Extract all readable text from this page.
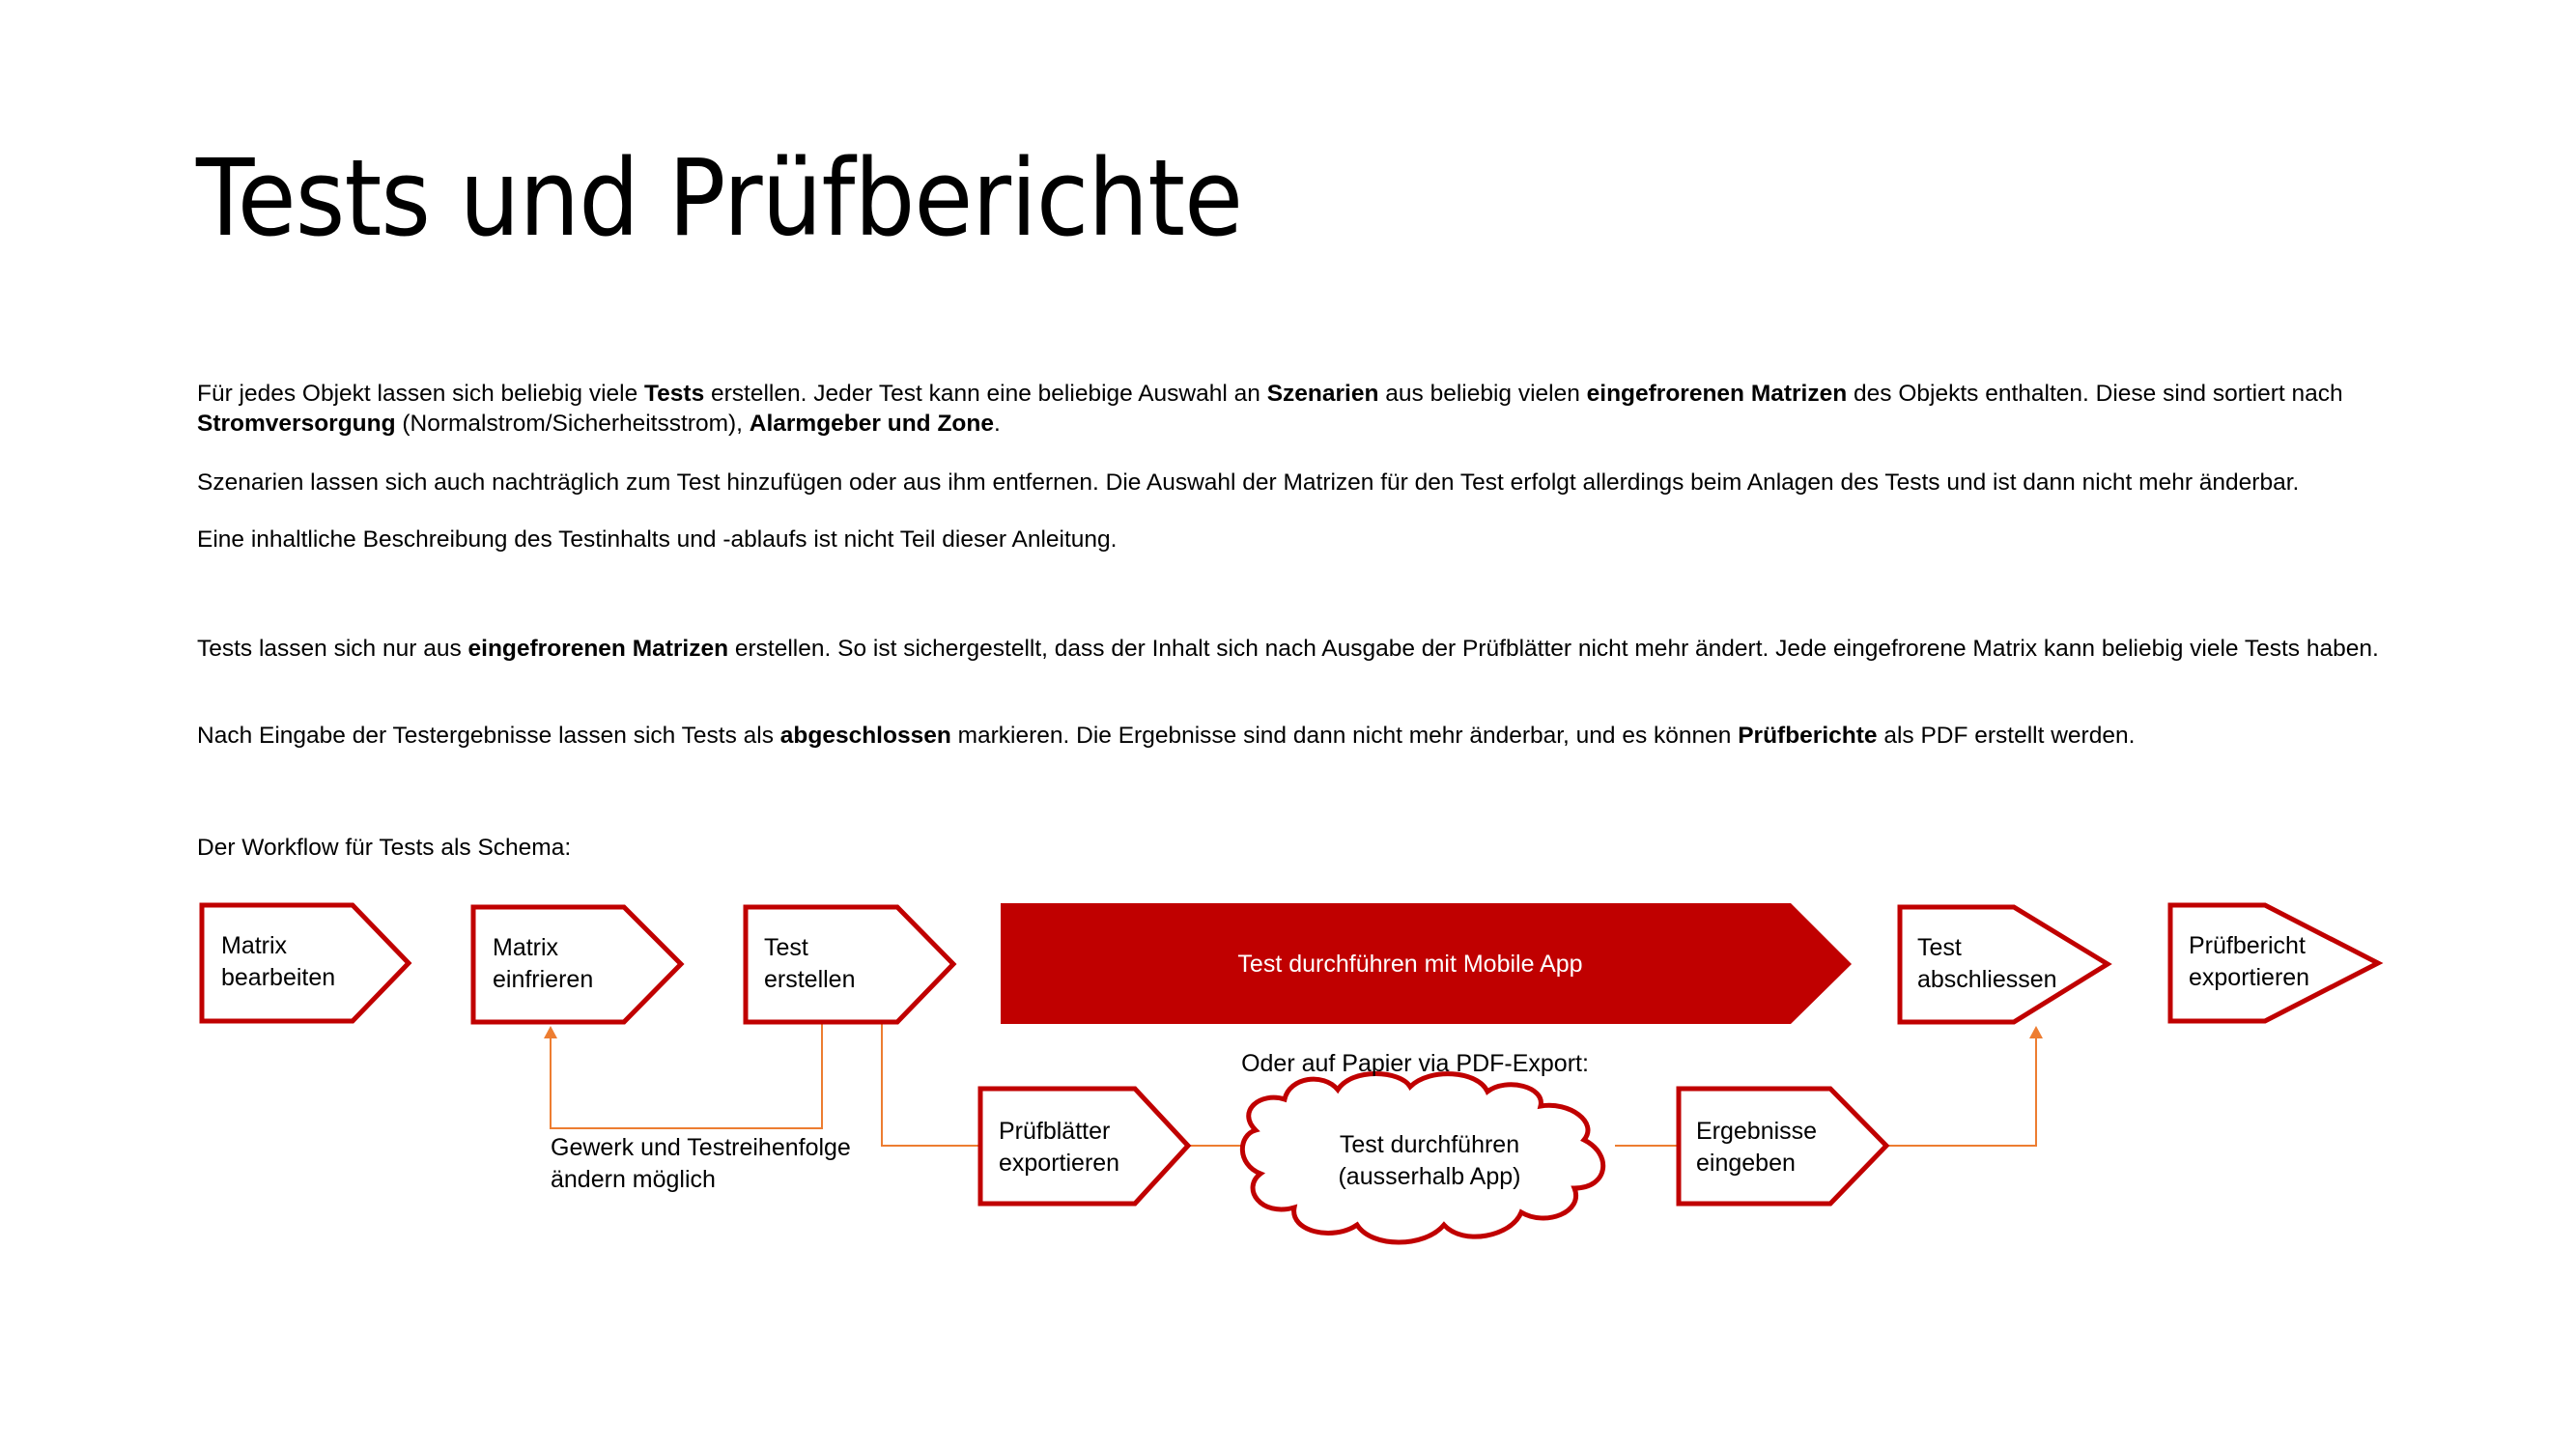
Tests und Prüfberichte

Für jedes Objekt lassen sich beliebig viele Tests erstellen. Jeder Test kann eine beliebige Auswahl an Szenarien aus beliebig vielen eingefrorenen Matrizen des Objekts enthalten. Diese sind sortiert nach Stromversorgung (Normalstrom/Sicherheitsstrom), Alarmgeber und Zone.

Szenarien lassen sich auch nachträglich zum Test hinzufügen oder aus ihm entfernen. Die Auswahl der Matrizen für den Test erfolgt allerdings beim Anlagen des Tests und ist dann nicht mehr änderbar.

Eine inhaltliche Beschreibung des Testinhalts und -ablaufs ist nicht Teil dieser Anleitung.

Tests lassen sich nur aus eingefrorenen Matrizen erstellen. So ist sichergestellt, dass der Inhalt sich nach Ausgabe der Prüfblätter nicht mehr ändert. Jede eingefrorene Matrix kann beliebig viele Tests haben.

Nach Eingabe der Testergebnisse lassen sich Tests als abgeschlossen markieren. Die Ergebnisse sind dann nicht mehr änderbar, und es können Prüfberichte als PDF erstellt werden.

Der Workflow für Tests als Schema:

Matrix
bearbeiten
Matrix
einfrieren
Test
erstellen
Test durchführen mit Mobile App
Test
abschliessen
Prüfbericht
exportieren
Oder auf Papier via PDF-Export:
Gewerk und Testreihenfolge
ändern möglich
Prüfblätter
exportieren
Test durchführen
(ausserhalb App)
Ergebnisse
eingeben
